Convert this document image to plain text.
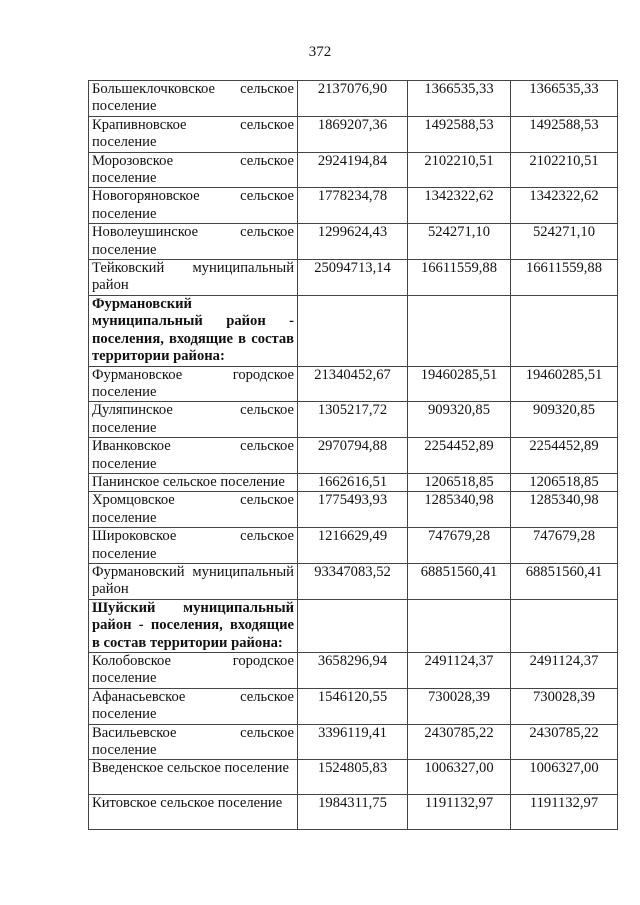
372
Большеклочковское сельское поселение	2137076,90	1366535,33	1366535,33
Крапивновское сельское поселение	1869207,36	1492588,53	1492588,53
Морозовское сельское поселение	2924194,84	2102210,51	2102210,51
Новогоряновское сельское поселение	1778234,78	1342322,62	1342322,62
Новолеушинское сельское поселение	1299624,43	524271,10	524271,10
Тейковский муниципальный район	25094713,14	16611559,88	16611559,88
Фурмановский муниципальный район - поселения, входящие в состав территории района:			
Фурмановское городское поселение	21340452,67	19460285,51	19460285,51
Дуляпинское сельское поселение	1305217,72	909320,85	909320,85
Иванковское сельское поселение	2970794,88	2254452,89	2254452,89
Панинское сельское поселение	1662616,51	1206518,85	1206518,85
Хромцовское сельское поселение	1775493,93	1285340,98	1285340,98
Широковское сельское поселение	1216629,49	747679,28	747679,28
Фурмановский муниципальный район	93347083,52	68851560,41	68851560,41
Шуйский муниципальный район - поселения, входящие в состав территории района:			
Колобовское городское поселение	3658296,94	2491124,37	2491124,37
Афанасьевское сельское поселение	1546120,55	730028,39	730028,39
Васильевское сельское поселение	3396119,41	2430785,22	2430785,22
Введенское сельское поселение	1524805,83	1006327,00	1006327,00
Китовское сельское поселение	1984311,75	1191132,97	1191132,97
